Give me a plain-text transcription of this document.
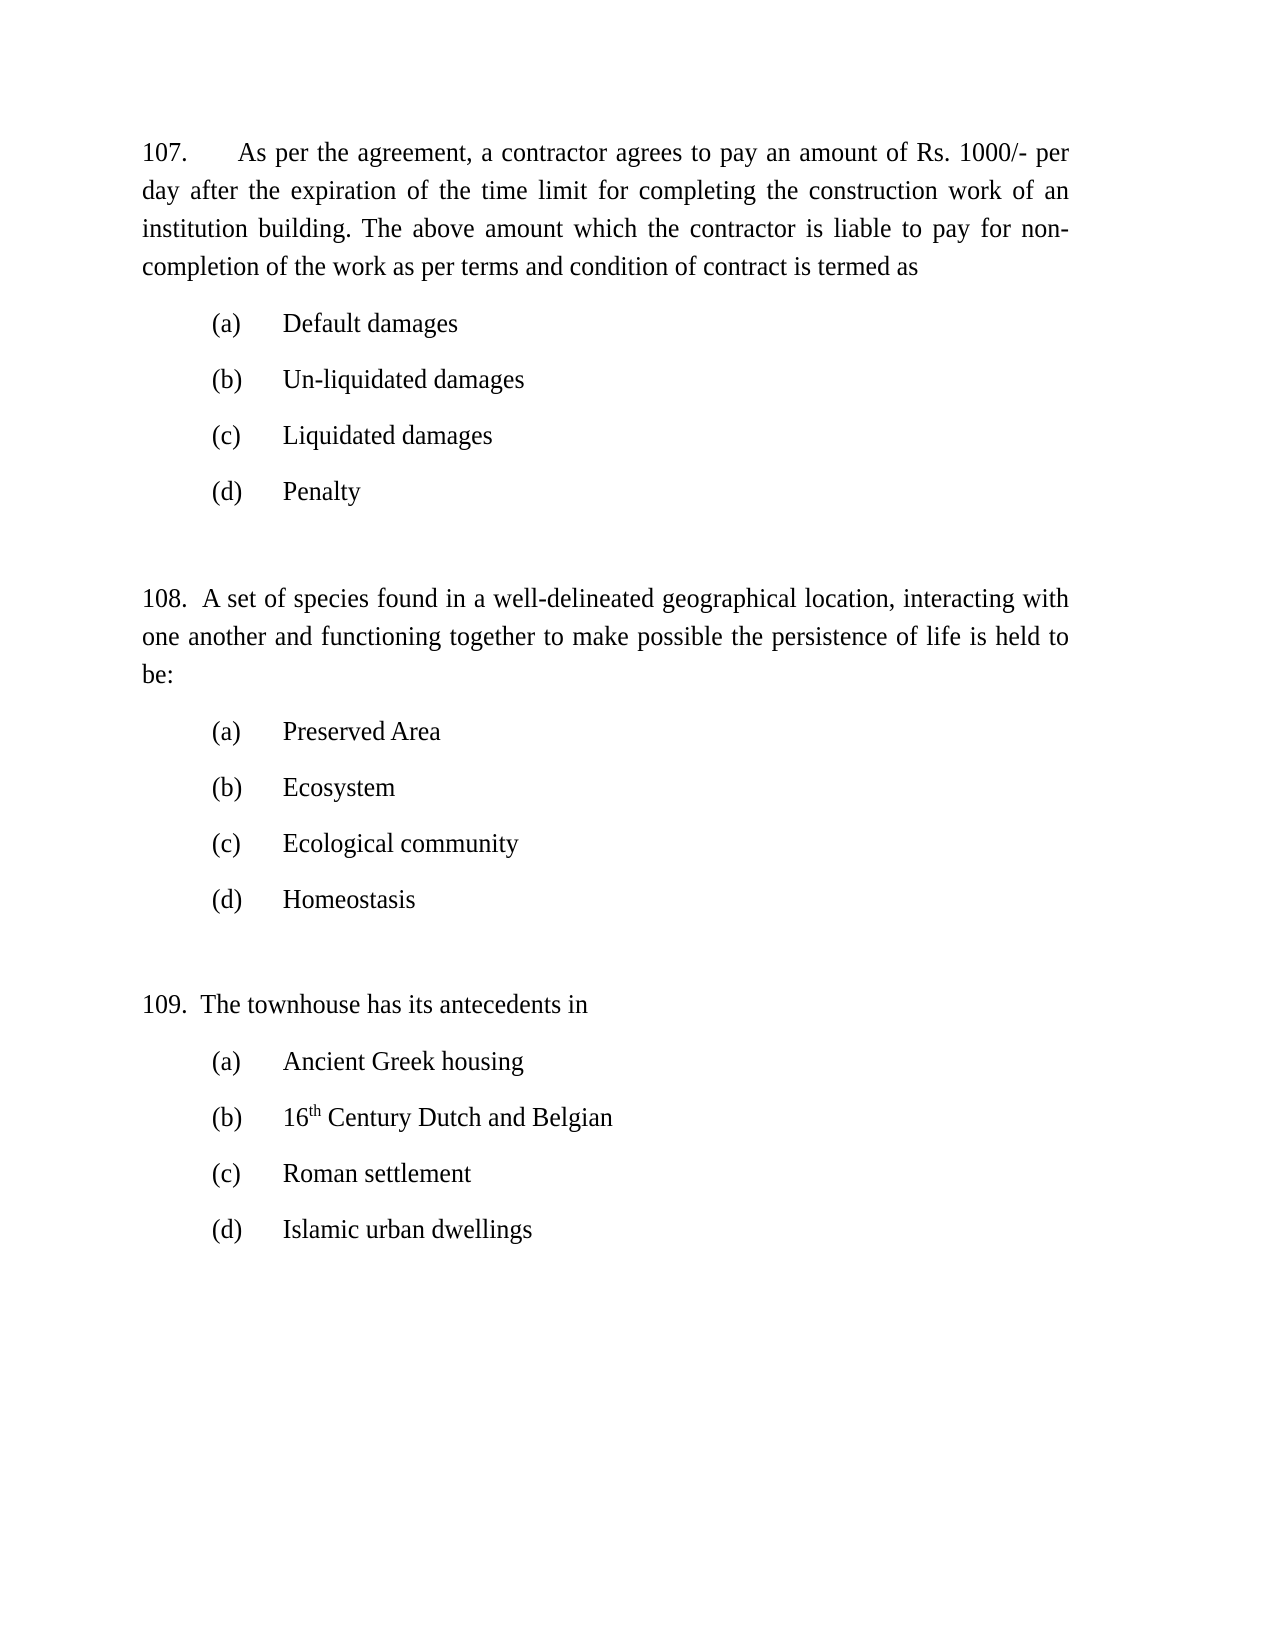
107. As per the agreement, a contractor agrees to pay an amount of Rs. 1000/- per day after the expiration of the time limit for completing the construction work of an institution building. The above amount which the contractor is liable to pay for non-completion of the work as per terms and condition of contract is termed as

(a)	Default damages
(b)	Un-liquidated damages
(c)	Liquidated damages
(d)	Penalty

108. A set of species found in a well-delineated geographical location, interacting with one another and functioning together to make possible the persistence of life is held to be:

(a)	Preserved Area
(b)	Ecosystem
(c)	Ecological community
(d)	Homeostasis

109. The townhouse has its antecedents in

(a)	Ancient Greek housing
(b)	16th Century Dutch and Belgian
(c)	Roman settlement
(d)	Islamic urban dwellings
